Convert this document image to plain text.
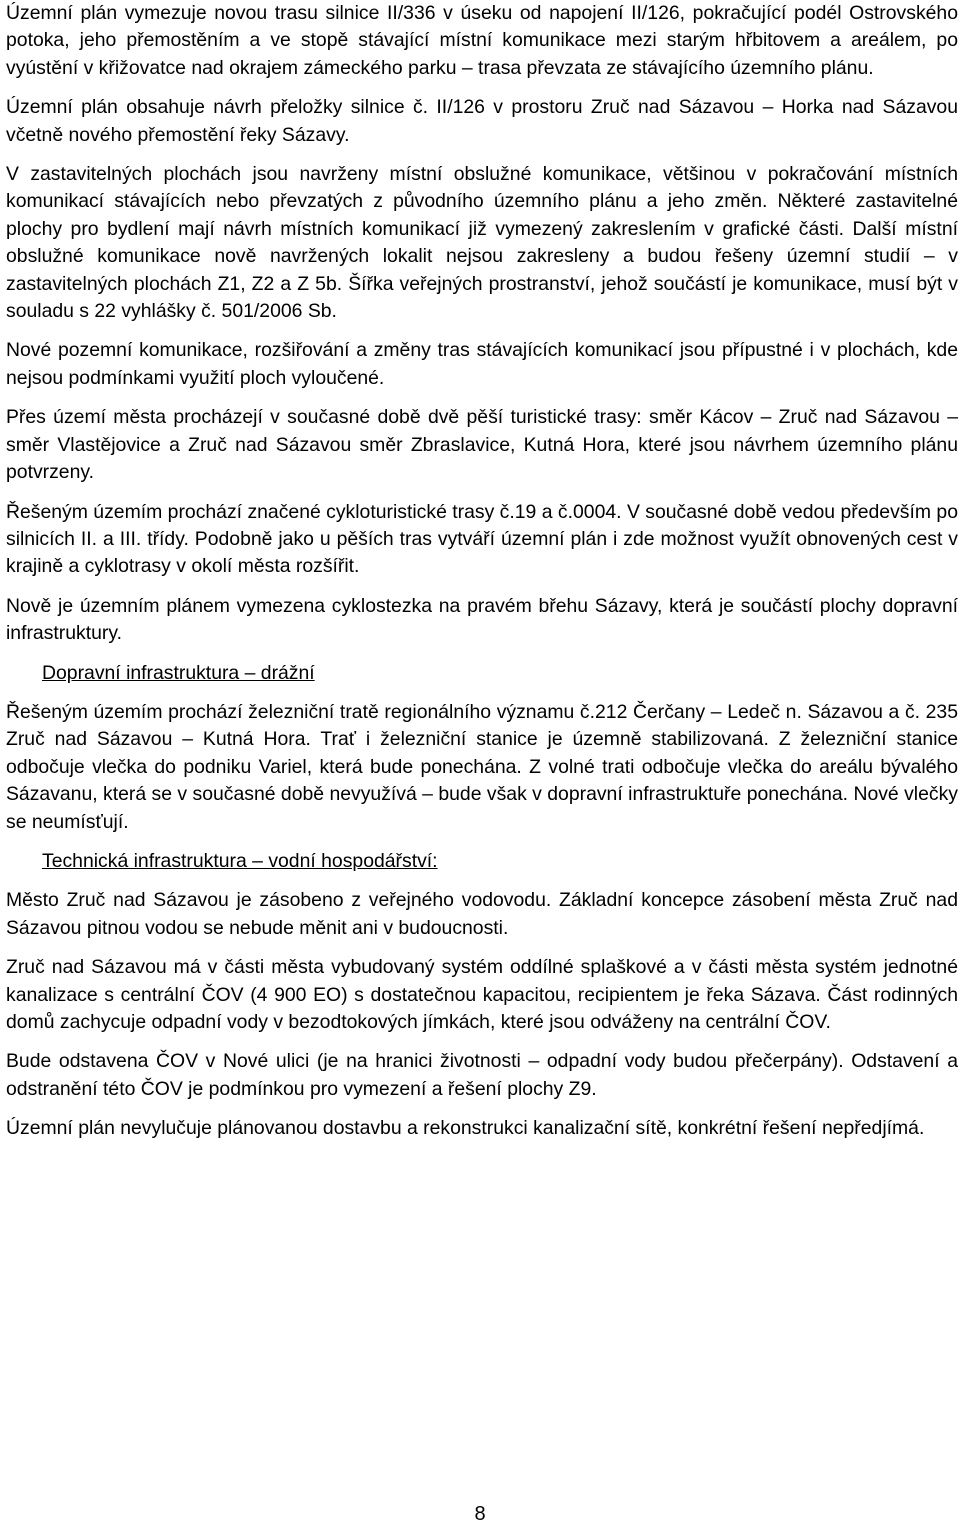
Územní plán vymezuje novou trasu silnice II/336 v úseku od napojení II/126, pokračující podél Ostrovského potoka, jeho přemostěním a ve stopě stávající místní komunikace mezi starým hřbitovem a areálem, po vyústění v křižovatce nad okrajem zámeckého parku – trasa převzata ze stávajícího územního plánu.

Územní plán obsahuje návrh přeložky silnice č. II/126 v prostoru Zruč nad Sázavou – Horka nad Sázavou včetně nového přemostění řeky Sázavy.

V zastavitelných plochách jsou navrženy místní obslužné komunikace, většinou v pokračování místních komunikací stávajících nebo převzatých z původního územního plánu a jeho změn. Některé zastavitelné plochy pro bydlení mají návrh místních komunikací již vymezený zakreslením v grafické části. Další místní obslužné komunikace nově navržených lokalit nejsou zakresleny a budou řešeny územní studií – v zastavitelných plochách Z1, Z2 a Z 5b. Šířka veřejných prostranství, jehož součástí je komunikace, musí být v souladu s 22 vyhlášky č. 501/2006 Sb.

Nové pozemní komunikace, rozšiřování a změny tras stávajících komunikací jsou přípustné i v plochách, kde nejsou podmínkami využití ploch vyloučené.

Přes území města procházejí v současné době dvě pěší turistické trasy: směr Kácov – Zruč nad Sázavou – směr Vlastějovice a Zruč nad Sázavou směr Zbraslavice, Kutná Hora, které jsou návrhem územního plánu potvrzeny.

Řešeným územím prochází značené cykloturistické trasy č.19 a č.0004. V současné době vedou především po silnicích II. a III. třídy. Podobně jako u pěších tras vytváří územní plán i zde možnost využít obnovených cest v krajině a cyklotrasy v okolí města rozšířit.

Nově je územním plánem vymezena cyklostezka na pravém břehu Sázavy, která je součástí plochy dopravní infrastruktury.

Dopravní infrastruktura – drážní

Řešeným územím prochází železniční tratě regionálního významu č.212 Čerčany – Ledeč n. Sázavou a č. 235 Zruč nad Sázavou – Kutná Hora. Trať i železniční stanice je územně stabilizovaná. Z železniční stanice odbočuje vlečka do podniku Variel, která bude ponechána. Z volné trati odbočuje vlečka do areálu bývalého Sázavanu, která se v současné době nevyužívá – bude však v dopravní infrastruktuře ponechána. Nové vlečky se neumísťují.

Technická infrastruktura – vodní hospodářství:

Město Zruč nad Sázavou je zásobeno z veřejného vodovodu. Základní koncepce zásobení města Zruč nad Sázavou pitnou vodou se nebude měnit ani v budoucnosti.

Zruč nad Sázavou má v části města vybudovaný systém oddílné splaškové a v části města systém jednotné kanalizace s centrální ČOV (4 900 EO) s dostatečnou kapacitou, recipientem je řeka Sázava. Část rodinných domů zachycuje odpadní vody v bezodtokových jímkách, které jsou odváženy na centrální ČOV.

Bude odstavena ČOV v Nové ulici (je na hranici životnosti – odpadní vody budou přečerpány). Odstavení a odstranění této ČOV je podmínkou pro vymezení a řešení plochy Z9.

Územní plán nevylučuje plánovanou dostavbu a rekonstrukci kanalizační sítě, konkrétní řešení nepředjímá.

8
